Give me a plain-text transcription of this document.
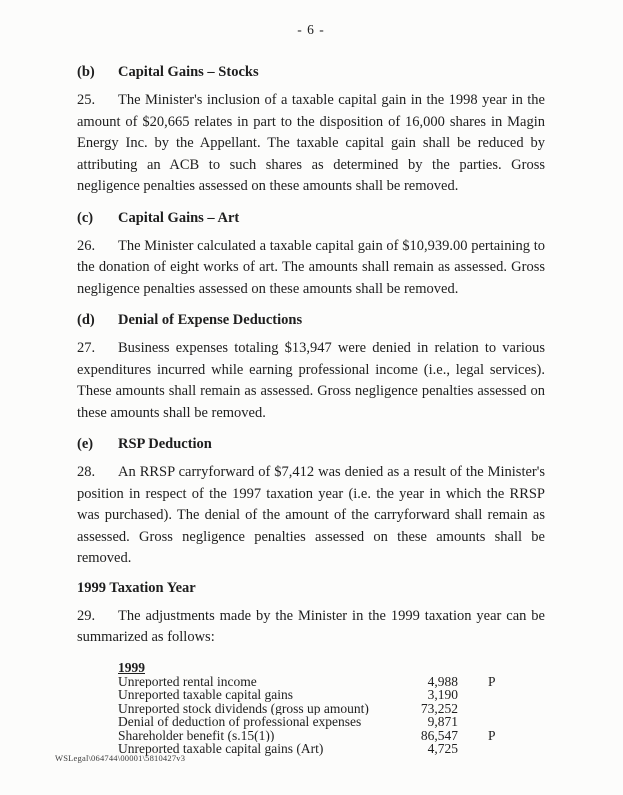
- 6 -
(b) Capital Gains – Stocks

25. The Minister's inclusion of a taxable capital gain in the 1998 year in the amount of $20,665 relates in part to the disposition of 16,000 shares in Magin Energy Inc. by the Appellant. The taxable capital gain shall be reduced by attributing an ACB to such shares as determined by the parties. Gross negligence penalties assessed on these amounts shall be removed.

(c) Capital Gains – Art

26. The Minister calculated a taxable capital gain of $10,939.00 pertaining to the donation of eight works of art. The amounts shall remain as assessed. Gross negligence penalties assessed on these amounts shall be removed.

(d) Denial of Expense Deductions

27. Business expenses totaling $13,947 were denied in relation to various expenditures incurred while earning professional income (i.e., legal services). These amounts shall remain as assessed. Gross negligence penalties assessed on these amounts shall be removed.

(e) RSP Deduction

28. An RRSP carryforward of $7,412 was denied as a result of the Minister's position in respect of the 1997 taxation year (i.e. the year in which the RRSP was purchased). The denial of the amount of the carryforward shall remain as assessed. Gross negligence penalties assessed on these amounts shall be removed.

1999 Taxation Year

29. The adjustments made by the Minister in the 1999 taxation year can be summarized as follows:

1999
Unreported rental income	4,988 P
Unreported taxable capital gains	3,190
Unreported stock dividends (gross up amount)	73,252
Denial of deduction of professional expenses	9,871
Shareholder benefit (s.15(1))	86,547 P
Unreported taxable capital gains (Art)	4,725
WSLegal\064744\00001\5810427v3
